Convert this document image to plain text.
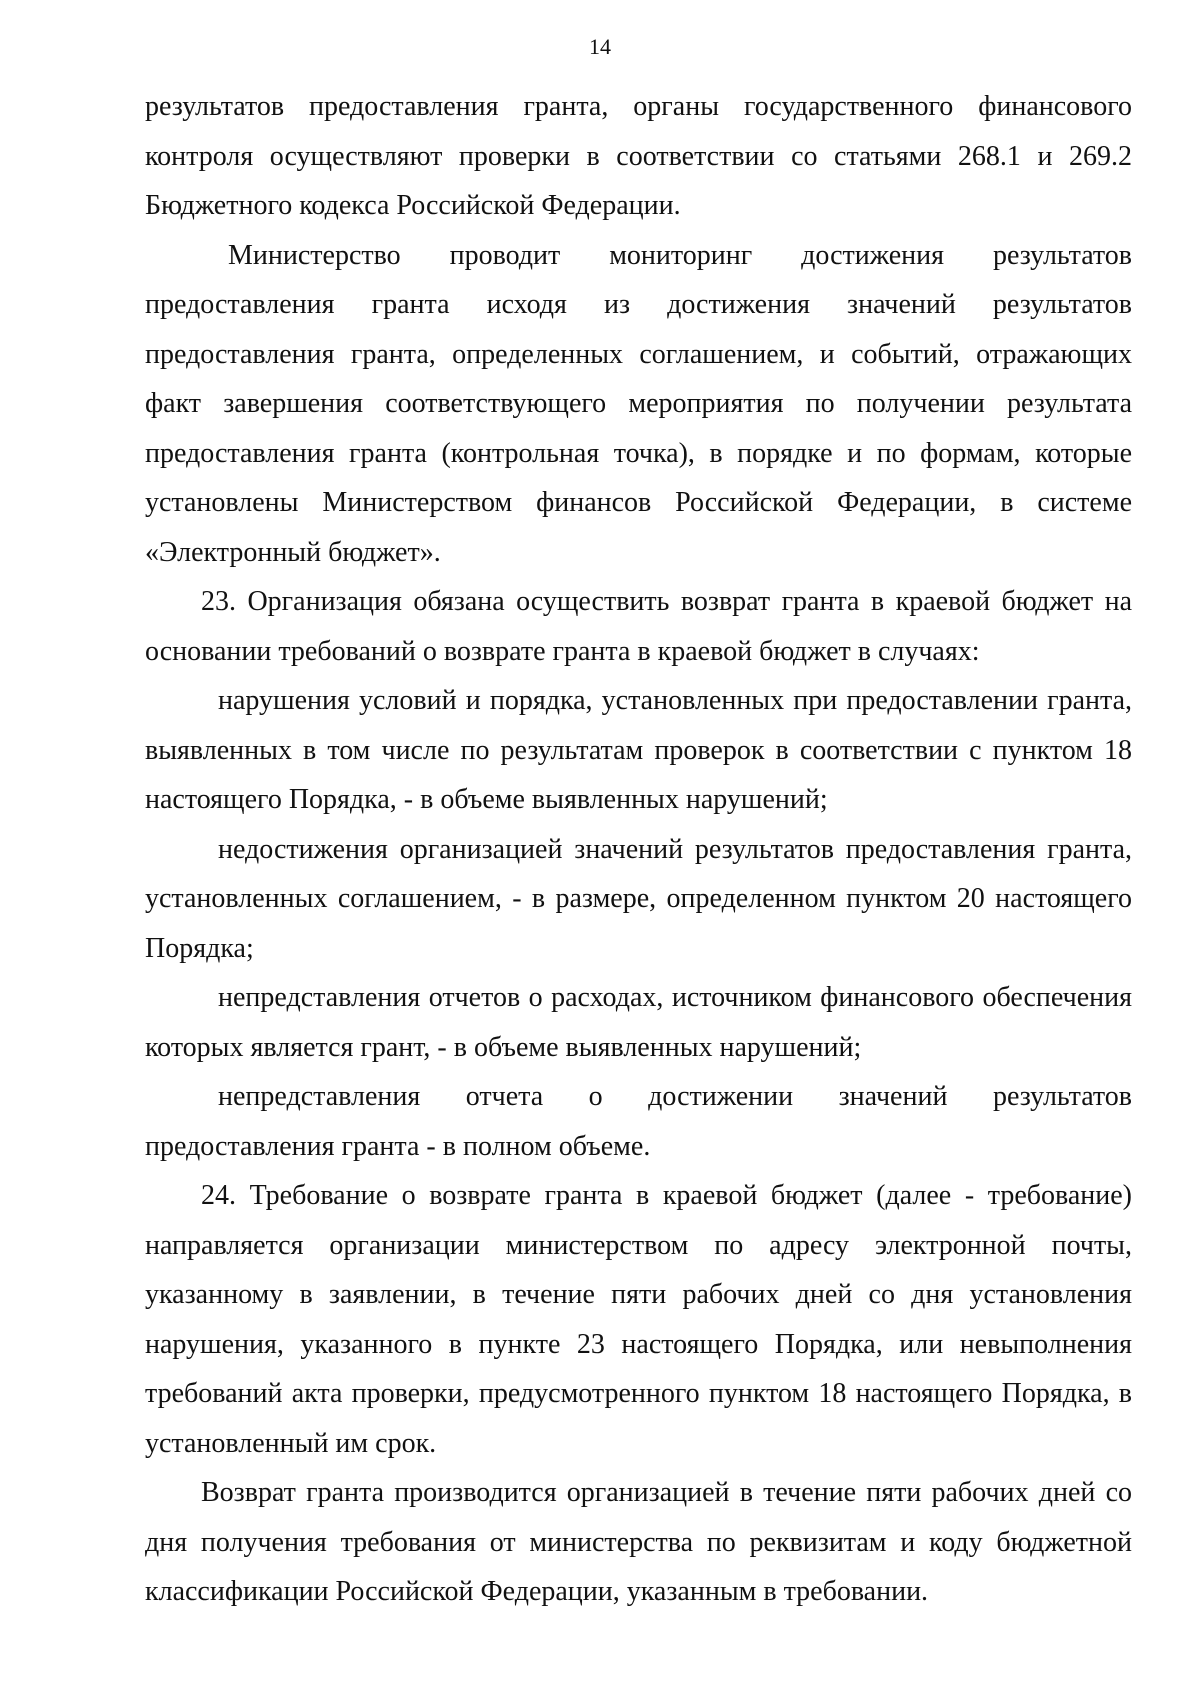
14

результатов предоставления гранта, органы государственного финансового контроля осуществляют проверки в соответствии со статьями 268.1 и 269.2 Бюджетного кодекса Российской Федерации.

Министерство проводит мониторинг достижения результатов предоставления гранта исходя из достижения значений результатов предоставления гранта, определенных соглашением, и событий, отражающих факт завершения соответствующего мероприятия по получении результата предоставления гранта (контрольная точка), в порядке и по формам, которые установлены Министерством финансов Российской Федерации, в системе «Электронный бюджет».

23. Организация обязана осуществить возврат гранта в краевой бюджет на основании требований о возврате гранта в краевой бюджет в случаях:

нарушения условий и порядка, установленных при предоставлении гранта, выявленных в том числе по результатам проверок в соответствии с пунктом 18 настоящего Порядка, - в объеме выявленных нарушений;

недостижения организацией значений результатов предоставления гранта, установленных соглашением, - в размере, определенном пунктом 20 настоящего Порядка;

непредставления отчетов о расходах, источником финансового обеспечения которых является грант, - в объеме выявленных нарушений;

непредставления отчета о достижении значений результатов предоставления гранта - в полном объеме.

24. Требование о возврате гранта в краевой бюджет (далее - требование) направляется организации министерством по адресу электронной почты, указанному в заявлении, в течение пяти рабочих дней со дня установления нарушения, указанного в пункте 23 настоящего Порядка, или невыполнения требований акта проверки, предусмотренного пунктом 18 настоящего Порядка, в установленный им срок.

Возврат гранта производится организацией в течение пяти рабочих дней со дня получения требования от министерства по реквизитам и коду бюджетной классификации Российской Федерации, указанным в требовании.
